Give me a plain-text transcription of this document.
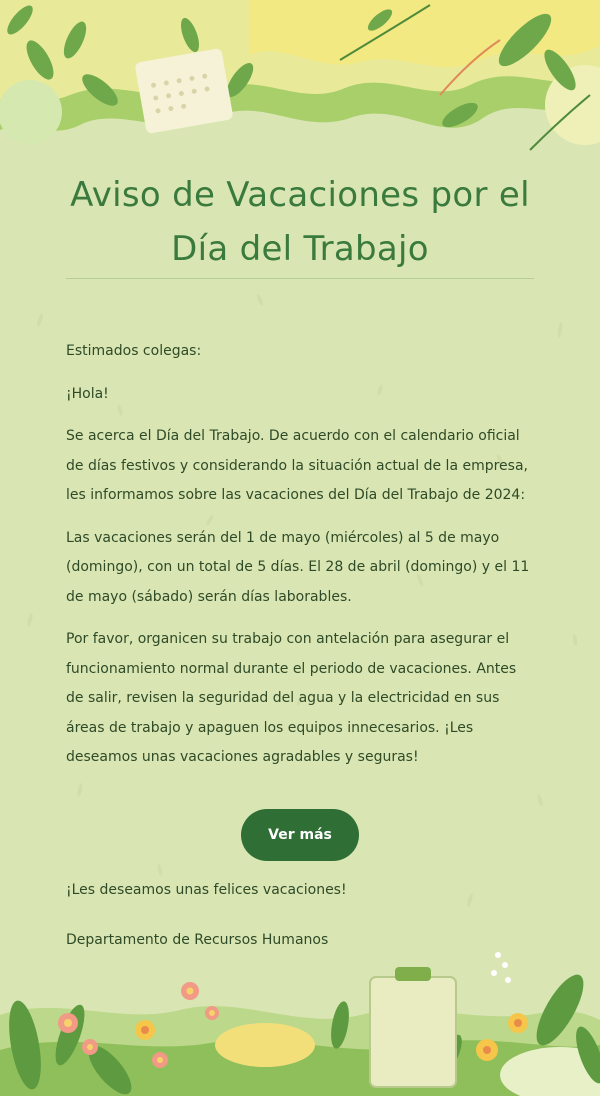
Aviso de Vacaciones por el Día del Trabajo

Estimados colegas:

¡Hola!

Se acerca el Día del Trabajo. De acuerdo con el calendario oficial de días festivos y considerando la situación actual de la empresa, les informamos sobre las vacaciones del Día del Trabajo de 2024:

Las vacaciones serán del 1 de mayo (miércoles) al 5 de mayo (domingo), con un total de 5 días. El 28 de abril (domingo) y el 11 de mayo (sábado) serán días laborables.

Por favor, organicen su trabajo con antelación para asegurar el funcionamiento normal durante el periodo de vacaciones. Antes de salir, revisen la seguridad del agua y la electricidad en sus áreas de trabajo y apaguen los equipos innecesarios. ¡Les deseamos unas vacaciones agradables y seguras!

Ver más

¡Les deseamos unas felices vacaciones!

Departamento de Recursos Humanos
